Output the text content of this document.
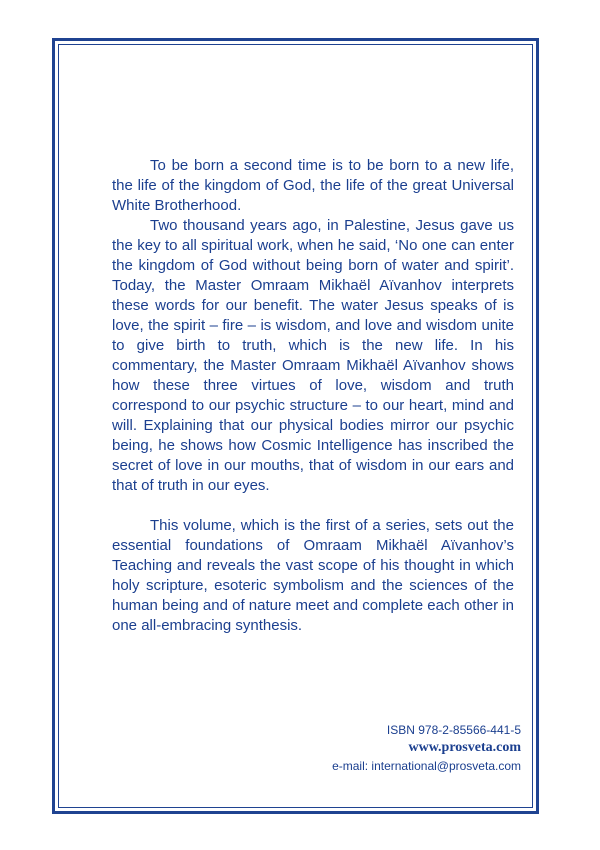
To be born a second time is to be born to a new life, the life of the kingdom of God, the life of the great Universal White Brotherhood.

Two thousand years ago, in Palestine, Jesus gave us the key to all spiritual work, when he said, ‘No one can enter the kingdom of God without being born of water and spirit’. Today, the Master Omraam Mikhaël Aïvanhov interprets these words for our benefit. The water Jesus speaks of is love, the spirit – fire – is wisdom, and love and wisdom unite to give birth to truth, which is the new life. In his commentary, the Master Omraam Mikhaël Aïvanhov shows how these three virtues of love, wisdom and truth correspond to our psychic structure – to our heart, mind and will. Explaining that our physical bodies mirror our psychic being, he shows how Cosmic Intelligence has inscribed the secret of love in our mouths, that of wisdom in our ears and that of truth in our eyes.

This volume, which is the first of a series, sets out the essential foundations of Omraam Mikhaël Aïvanhov’s Teaching and reveals the vast scope of his thought in which holy scripture, esoteric symbolism and the sciences of the human being and of nature meet and complete each other in one all-embracing synthesis.

ISBN 978-2-85566-441-5
www.prosveta.com
e-mail: international@prosveta.com
